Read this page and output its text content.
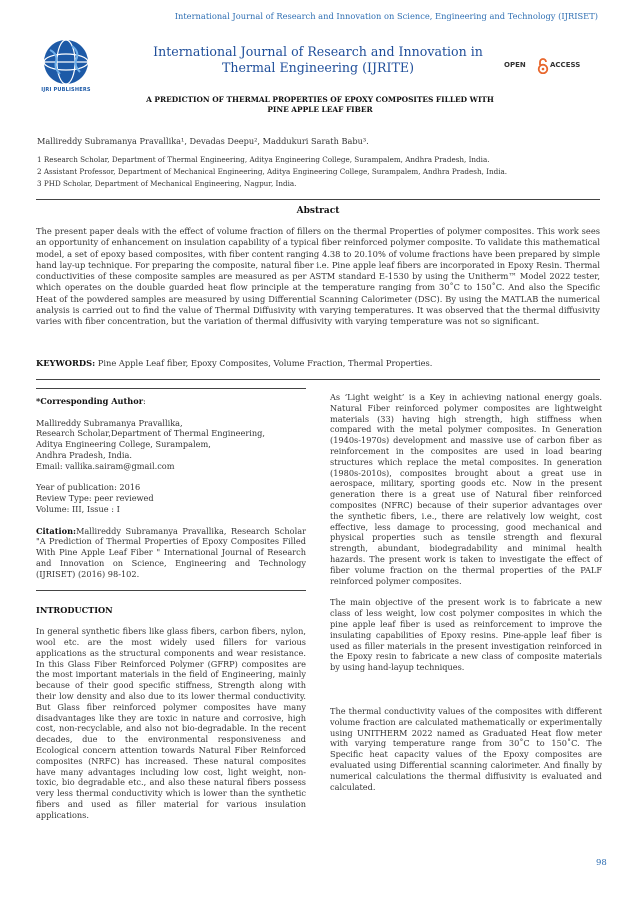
International Journal of Research and Innovation on Science, Engineering and Technology (IJRISET)
IJRI PUBLISHERS
International Journal of Research and Innovation in
Thermal Engineering (IJRITE)	OPEN	ACCESS
A PREDICTION OF THERMAL PROPERTIES OF EPOXY COMPOSITES FILLED WITH
PINE APPLE LEAF FIBER
Mallireddy Subramanya Pravallika¹, Devadas Deepu², Maddukuri Sarath Babu³.
1 Research Scholar, Department of Thermal Engineering, Aditya Engineering College, Surampalem, Andhra Pradesh, India.
2 Assistant Professor, Department of Mechanical Engineering, Aditya Engineering College, Surampalem, Andhra Pradesh, India.
3 PHD Scholar, Department of Mechanical Engineering, Nagpur, India.
Abstract
The present paper deals with the effect of volume fraction of fillers on the thermal Properties of polymer composites. This work sees an opportunity of enhancement on insulation capability of a typical fiber reinforced polymer composite. To validate this mathematical model, a set of epoxy based composites, with fiber content ranging 4.38 to 20.10% of volume fractions have been prepared by simple hand lay-up technique. For preparing the composite, natural fiber i.e. Pine apple leaf fibers are incorporated in Epoxy Resin. Thermal conductivities of these composite samples are measured as per ASTM standard E-1530 by using the Unitherm™ Model 2022 tester, which operates on the double guarded heat flow principle at the temperature ranging from 30˚C to 150˚C. And also the Specific Heat of the powdered samples are measured by using Differential Scanning Calorimeter (DSC). By using the MATLAB the numerical analysis is carried out to find the value of Thermal Diffusivity with varying temperatures. It was observed that the thermal diffusivity varies with fiber concentration, but the variation of thermal diffusivity with varying temperature was not so significant.
KEYWORDS: Pine Apple Leaf fiber, Epoxy Composites, Volume Fraction, Thermal Properties.

*Corresponding Author:

Mallireddy Subramanya Pravallika,

Research Scholar,Department of Thermal Engineering,

Aditya Engineering College, Surampalem,

Andhra Pradesh, India.

Email: vallika.sairam@gmail.com

Year of publication: 2016

Review Type: peer reviewed

Volume: III, Issue : I

Citation:Mallireddy Subramanya Pravallika, Research Scholar "A Prediction of Thermal Properties of Epoxy Composites Filled With Pine Apple Leaf Fiber " International Journal of Research and Innovation on Science, Engineering and Technology (IJRISET) (2016) 98-102.

INTRODUCTION

In general synthetic fibers like glass fibers, carbon fibers, nylon, wool etc. are the most widely used fillers for various applications as the structural components and wear resistance. In this Glass Fiber Reinforced Polymer (GFRP) composites are the most important materials in the field of Engineering, mainly because of their good specific stiffness, Strength along with their low density and also due to its lower thermal conductivity. But Glass fiber reinforced polymer composites have many disadvantages like they are toxic in nature and corrosive, high cost, non-recyclable, and also not bio-degradable. In the recent decades, due to the environmental responsiveness and Ecological concern attention towards Natural Fiber Reinforced composites (NRFC) has increased. These natural composites have many advantages including low cost, light weight, non-toxic, bio degradable etc., and also these natural fibers possess very less thermal conductivity which is lower than the synthetic fibers and used as filler material for various insulation applications.

As ‘Light weight’ is a Key in achieving national energy goals. Natural Fiber reinforced polymer composites are lightweight materials (33) having high strength, high stiffness when compared with the metal polymer composites. In Generation (1940s-1970s) development and massive use of carbon fiber as reinforcement in the composites are used in load bearing structures which replace the metal composites. In generation (1980s-2010s), composites brought about a great use in aerospace, military, sporting goods etc. Now in the present generation there is a great use of Natural fiber reinforced composites (NFRC) because of their superior advantages over the synthetic fibers, i.e., there are relatively low weight, cost effective, less damage to processing, good mechanical and physical properties such as tensile strength and flexural strength, abundant, biodegradability and minimal health hazards. The present work is taken to investigate the effect of fiber volume fraction on the thermal properties of the PALF reinforced polymer composites.

The main objective of the present work is to fabricate a new class of less weight, low cost polymer composites in which the pine apple leaf fiber is used as reinforcement to improve the insulating capabilities of Epoxy resins. Pine-apple leaf fiber is used as filler materials in the present investigation reinforced in the Epoxy resin to fabricate a new class of composite materials by using hand-layup techniques.

The thermal conductivity values of the composites with different volume fraction are calculated mathematically or experimentally using UNITHERM 2022 named as Graduated Heat flow meter with varying temperature range from 30˚C to 150˚C. The Specific heat capacity values of the Epoxy composites are evaluated using Differential scanning calorimeter. And finally by numerical calculations the thermal diffusivity is evaluated and calculated.

98
